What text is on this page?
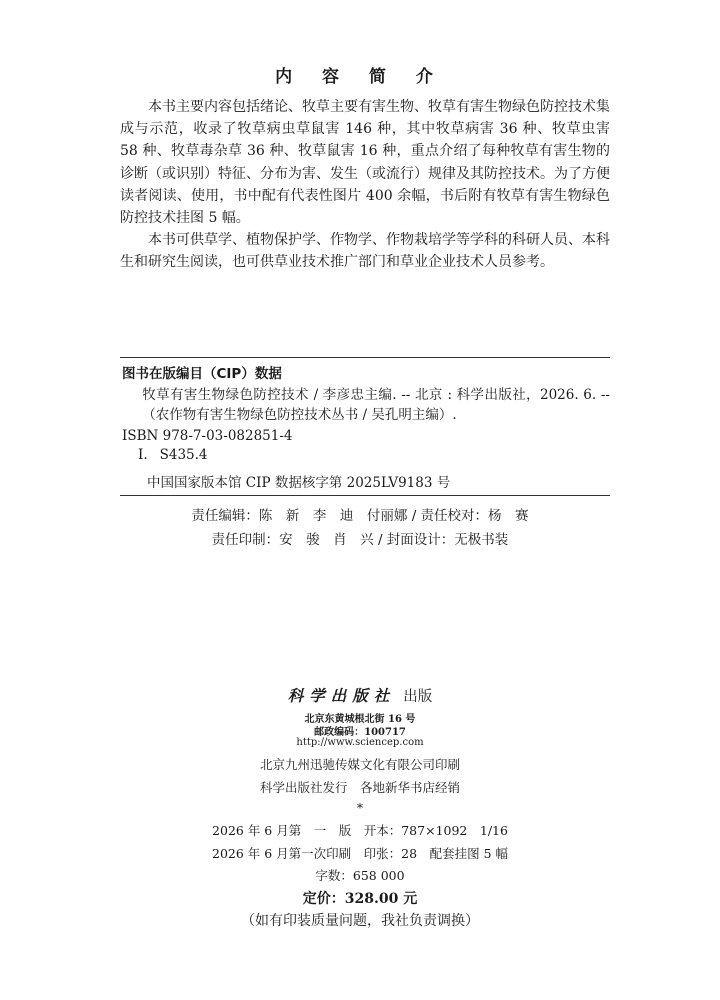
内 容 简 介

本书主要内容包括绪论、牧草主要有害生物、牧草有害生物绿色防控技术集成与示范，收录了牧草病虫草鼠害 146 种，其中牧草病害 36 种、牧草虫害 58 种、牧草毒杂草 36 种、牧草鼠害 16 种，重点介绍了每种牧草有害生物的诊断（或识别）特征、分布为害、发生（或流行）规律及其防控技术。为了方便读者阅读、使用，书中配有代表性图片 400 余幅，书后附有牧草有害生物绿色防控技术挂图 5 幅。

本书可供草学、植物保护学、作物学、作物栽培学等学科的科研人员、本科生和研究生阅读，也可供草业技术推广部门和草业企业技术人员参考。

图书在版编目（CIP）数据
牧草有害生物绿色防控技术 / 李彦忠主编. -- 北京 : 科学出版社，2026. 6. --（农作物有害生物绿色防控技术丛书 / 吴孔明主编）.
ISBN 978-7-03-082851-4
Ⅰ. S435.4
中国国家版本馆 CIP 数据核字第 2025LV9183 号
责任编辑：陈　新　李　迪　付丽娜 / 责任校对：杨　赛
责任印制：安　骏　肖　兴 / 封面设计：无极书装
科学出版社 出版
北京东黄城根北街 16 号
邮政编码：100717
http://www.sciencep.com
北京九州迅驰传媒文化有限公司印刷
科学出版社发行　各地新华书店经销
*
2026 年 6 月第　一　版　开本：787×1092　1/16
2026 年 6 月第一次印刷　印张：28　配套挂图 5 幅
字数：658 000
定价：328.00 元
（如有印装质量问题，我社负责调换）
